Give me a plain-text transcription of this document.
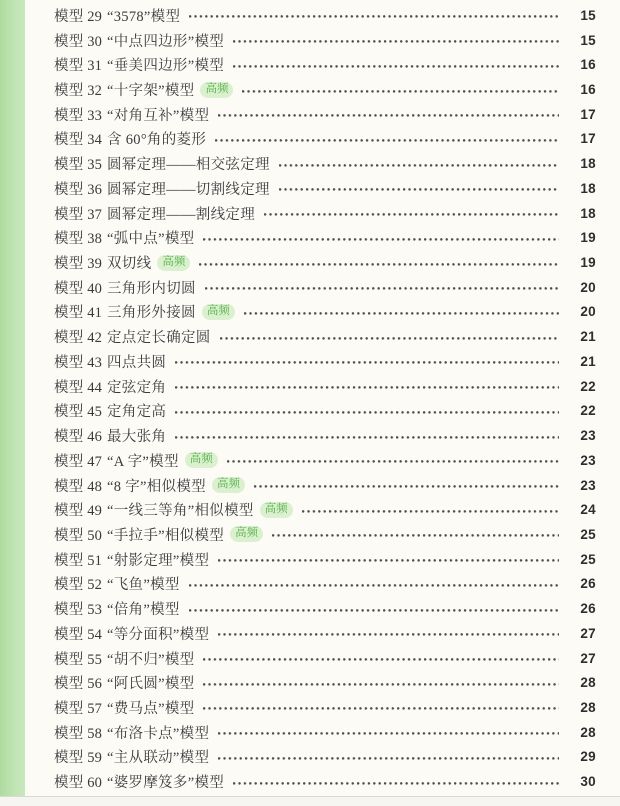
模型 29 “3578”模型	15
模型 30 “中点四边形”模型	15
模型 31 “垂美四边形”模型	16
模型 32 “十字架”模型 高频	16
模型 33 “对角互补”模型	17
模型 34 含 60°角的菱形	17
模型 35 圆幂定理——相交弦定理	18
模型 36 圆幂定理——切割线定理	18
模型 37 圆幂定理——割线定理	18
模型 38 “弧中点”模型	19
模型 39 双切线 高频	19
模型 40 三角形内切圆	20
模型 41 三角形外接圆 高频	20
模型 42 定点定长确定圆	21
模型 43 四点共圆	21
模型 44 定弦定角	22
模型 45 定角定高	22
模型 46 最大张角	23
模型 47 “A 字”模型 高频	23
模型 48 “8 字”相似模型 高频	23
模型 49 “一线三等角”相似模型 高频	24
模型 50 “手拉手”相似模型 高频	25
模型 51 “射影定理”模型	25
模型 52 “飞鱼”模型	26
模型 53 “倍角”模型	26
模型 54 “等分面积”模型	27
模型 55 “胡不归”模型	27
模型 56 “阿氏圆”模型	28
模型 57 “费马点”模型	28
模型 58 “布洛卡点”模型	28
模型 59 “主从联动”模型	29
模型 60 “婆罗摩笈多”模型	30
